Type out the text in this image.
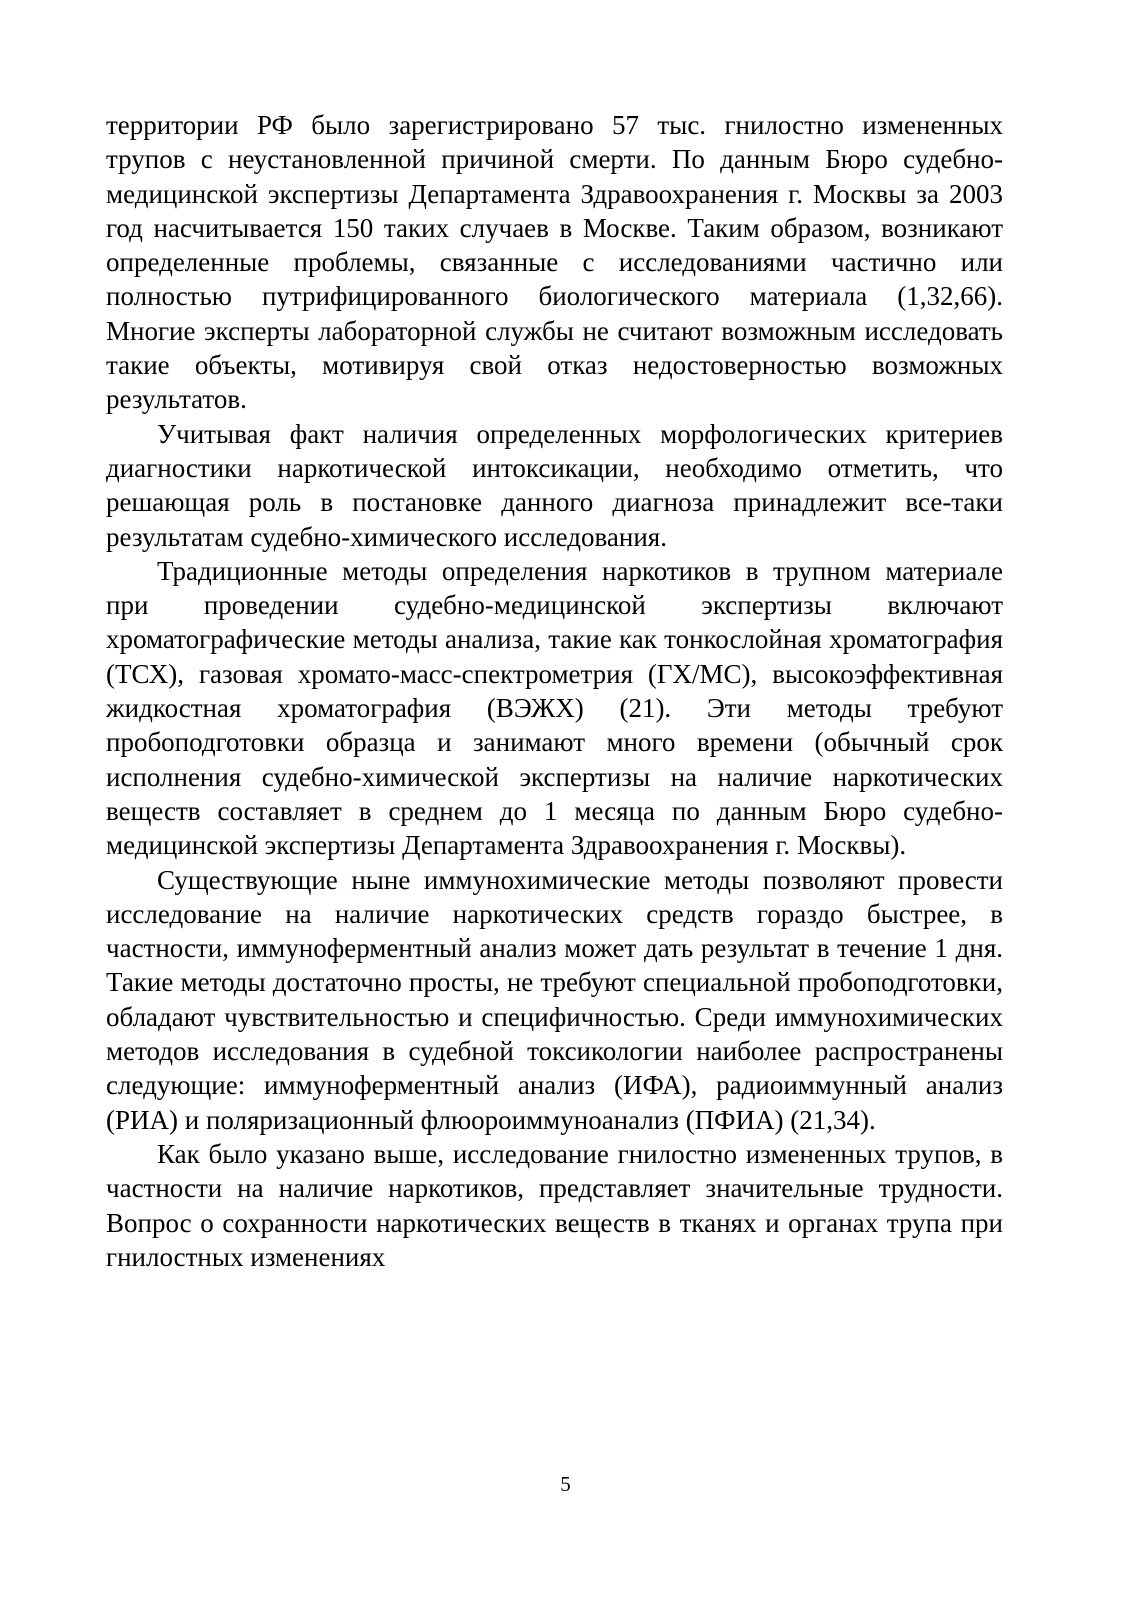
территории РФ было зарегистрировано 57 тыс. гнилостно измененных трупов с неустановленной причиной смерти. По данным Бюро судебно-медицинской экспертизы Департамента Здравоохранения г. Москвы за 2003 год насчитывается 150 таких случаев в Москве. Таким образом, возникают определенные проблемы, связанные с исследованиями частично или полностью путрифицированного биологического материала (1,32,66). Многие эксперты лабораторной службы не считают возможным исследовать такие объекты, мотивируя свой отказ недостоверностью возможных результатов.

Учитывая факт наличия определенных морфологических критериев диагностики наркотической интоксикации, необходимо отметить, что решающая роль в постановке данного диагноза принадлежит все-таки результатам судебно-химического исследования.

Традиционные методы определения наркотиков в трупном материале при проведении судебно-медицинской экспертизы включают хроматографические методы анализа, такие как тонкослойная хроматография (ТСХ), газовая хромато-масс-спектрометрия (ГХ/МС), высокоэффективная жидкостная хроматография (ВЭЖХ) (21). Эти методы требуют пробоподготовки образца и занимают много времени (обычный срок исполнения судебно-химической экспертизы на наличие наркотических веществ составляет в среднем до 1 месяца по данным Бюро судебно-медицинской экспертизы Департамента Здравоохранения г. Москвы).

Существующие ныне иммунохимические методы позволяют провести исследование на наличие наркотических средств гораздо быстрее, в частности, иммуноферментный анализ может дать результат в течение 1 дня. Такие методы достаточно просты, не требуют специальной пробоподготовки, обладают чувствительностью и специфичностью. Среди иммунохимических методов исследования в судебной токсикологии наиболее распространены следующие: иммуноферментный анализ (ИФА), радиоиммунный анализ (РИА) и поляризационный флюороиммуноанализ (ПФИА) (21,34).

Как было указано выше, исследование гнилостно измененных трупов, в частности на наличие наркотиков, представляет значительные трудности. Вопрос о сохранности наркотических веществ в тканях и органах трупа при гнилостных изменениях

5
